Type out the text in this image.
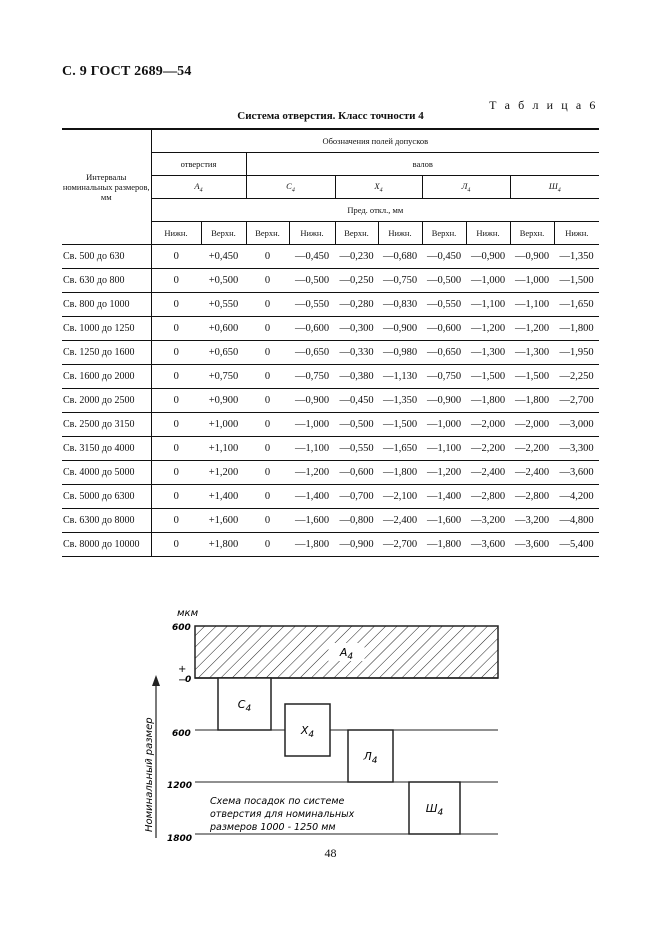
С. 9 ГОСТ 2689—54
Т а б л и ц а 6
Система отверстия. Класс точности 4
Интервалы номинальных размеров, мм	Обозначения полей допусков									
	отверстия		валов							
	$A_4$		$C_4$		$X_4$		$Л_4$		$Ш_4$
	Пред. откл., мм									
	Нижн.	Верхн.	Верхн.	Нижн.	Верхн.	Нижн.	Верхн.	Нижн.	Верхн.	Нижн.
Св. 500 до 630	0	+0,450	0	—0,450	—0,230	—0,680	—0,450	—0,900	—0,900	—1,350
Св. 630 до 800	0	+0,500	0	—0,500	—0,250	—0,750	—0,500	—1,000	—1,000	—1,500
Св. 800 до 1000	0	+0,550	0	—0,550	—0,280	—0,830	—0,550	—1,100	—1,100	—1,650
Св. 1000 до 1250	0	+0,600	0	—0,600	—0,300	—0,900	—0,600	—1,200	—1,200	—1,800
Св. 1250 до 1600	0	+0,650	0	—0,650	—0,330	—0,980	—0,650	—1,300	—1,300	—1,950
Св. 1600 до 2000	0	+0,750	0	—0,750	—0,380	—1,130	—0,750	—1,500	—1,500	—2,250
Св. 2000 до 2500	0	+0,900	0	—0,900	—0,450	—1,350	—0,900	—1,800	—1,800	—2,700
Св. 2500 до 3150	0	+1,000	0	—1,000	—0,500	—1,500	—1,000	—2,000	—2,000	—3,000
Св. 3150 до 4000	0	+1,100	0	—1,100	—0,550	—1,650	—1,100	—2,200	—2,200	—3,300
Св. 4000 до 5000	0	+1,200	0	—1,200	—0,600	—1,800	—1,200	—2,400	—2,400	—3,600
Св. 5000 до 6300	0	+1,400	0	—1,400	—0,700	—2,100	—1,400	—2,800	—2,800	—4,200
Св. 6300 до 8000	0	+1,600	0	—1,600	—0,800	—2,400	—1,600	—3,200	—3,200	—4,800
Св. 8000 до 10000	0	+1,800	0	—1,800	—0,900	—2,700	—1,800	—3,600	—3,600	—5,400
мкм
Номинальный размер
$A_4$
$C_4$
$X_4$
$Л_4$
$Ш_4$
+
−
600
0
600
1200
1800
Схема посадок по системе
отверстия для номинальных
размеров 1000 - 1250 мм
48
